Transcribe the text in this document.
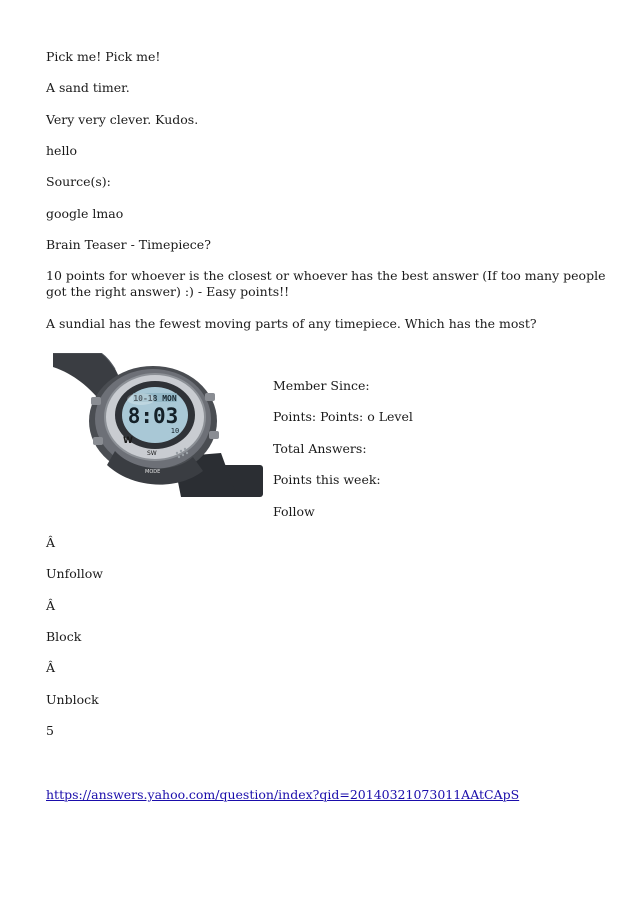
Pick me! Pick me!

A sand timer.

Very very clever. Kudos.

hello

Source(s):

google lmao

Brain Teaser - Timepiece?

10 points for whoever is the closest or whoever has the best answer (If too many people got the right answer) :) - Easy points!!

A sundial has the fewest moving parts of any timepiece. Which has the most?

10-18 MON
8:03
10
W
SW
MODE

Member Since:

Points: Points: o Level

Total Answers:

Points this week:

Follow

Â

Unfollow

Â

Block

Â

Unblock

5

https://answers.yahoo.com/question/index?qid=20140321073011AAtCApS
